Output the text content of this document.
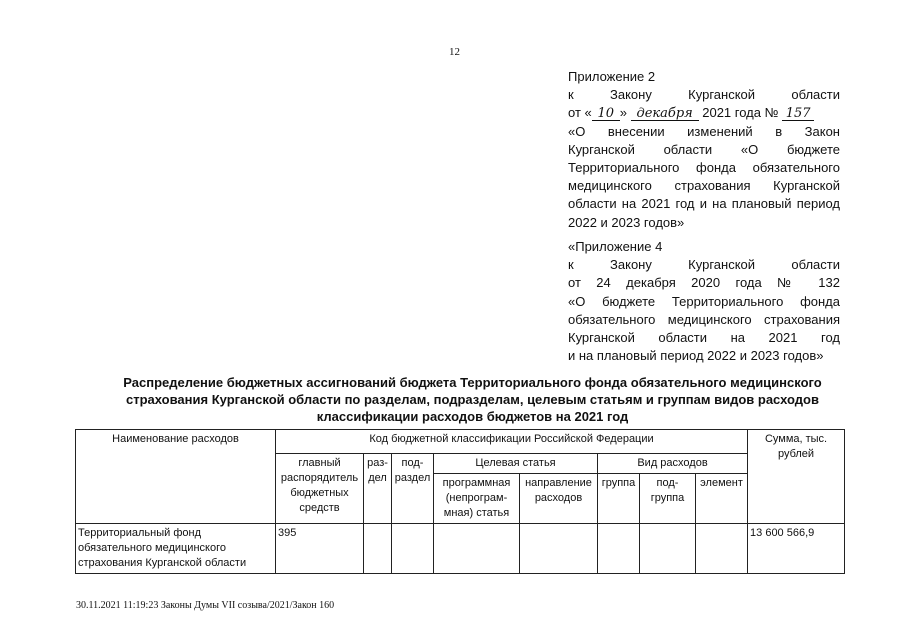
12
Приложение 2
к	Закону	Курганской	области
от « 10 » декабря 2021 года № 157
«О внесении изменений в Закон
Курганской области «О бюджете
Территориального фонда обязательного
медицинского страхования Курганской
области на 2021 год и на плановый период
2022 и 2023 годов»
«Приложение 4
к Закону Курганской области
от 24 декабря 2020 года № 132
«О бюджете Территориального фонда
обязательного медицинского страхования
Курганской области на 2021 год
и на плановый период 2022 и 2023 годов»
Распределение бюджетных ассигнований бюджета Территориального фонда обязательного медицинского
страхования Курганской области по разделам, подразделам, целевым статьям и группам видов расходов
классификации расходов бюджетов на 2021 год
Наименование расходов	Код бюджетной классификации Российской Федерации								Сумма, тыс. рублей
	главный распорядитель бюджетных средств	раз-дел	под-раздел	Целевая статья		Вид расходов			
				программная (непрограм-мная) статья	направление расходов	группа	под-группа	элемент	
Территориальный фонд обязательного медицинского страхования Курганской области	395								13 600 566,9
30.11.2021 11:19:23 Законы Думы VII созыва/2021/Закон 160
